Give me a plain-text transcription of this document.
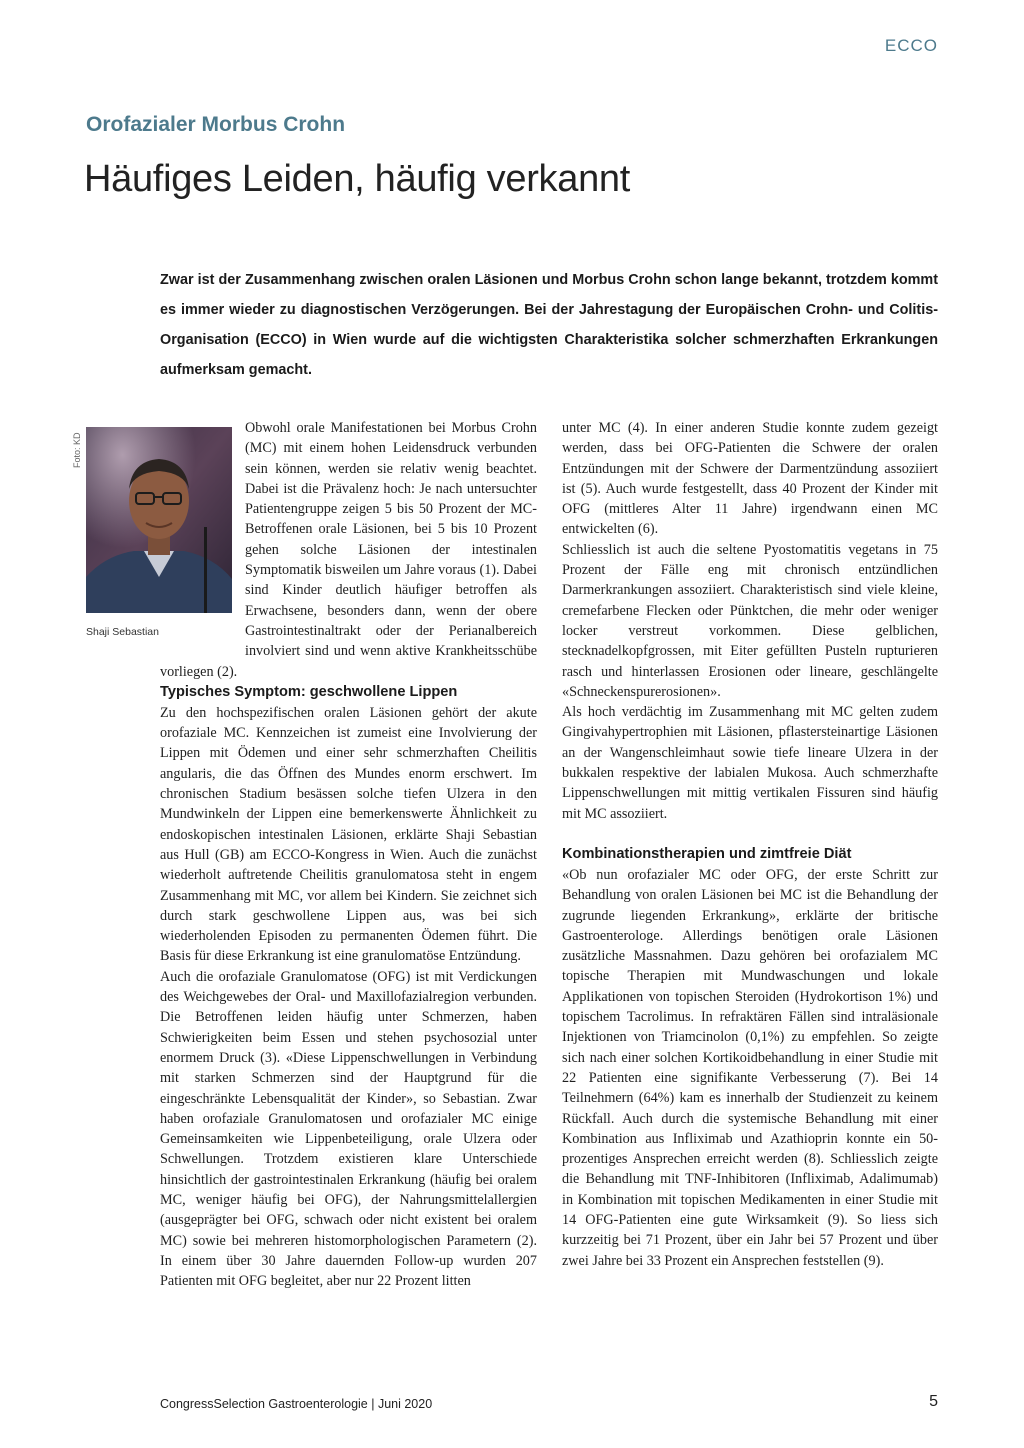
ECCO
Orofazialer Morbus Crohn
Häufiges Leiden, häufig verkannt
Zwar ist der Zusammenhang zwischen oralen Läsionen und Morbus Crohn schon lange bekannt, trotzdem kommt es immer wieder zu diagnostischen Verzögerungen. Bei der Jahrestagung der Europäischen Crohn- und Colitis-Organisation (ECCO) in Wien wurde auf die wichtigsten Charakteristika solcher schmerzhaften Erkrankungen aufmerksam gemacht.
Foto: KD
Shaji Sebastian

Obwohl orale Manifestationen bei Morbus Crohn (MC) mit einem hohen Leidensdruck verbunden sein können, werden sie relativ wenig beachtet. Dabei ist die Prävalenz hoch: Je nach untersuchter Patientengruppe zeigen 5 bis 50 Prozent der MC-Betroffenen orale Läsionen, bei 5 bis 10 Prozent gehen solche Läsionen der intestinalen Symptomatik bisweilen um Jahre voraus (1). Dabei sind Kinder deutlich häufiger betroffen als Erwachsene, besonders dann, wenn der obere Gastrointestinaltrakt oder der Perianalbereich involviert sind und wenn aktive Krankheitsschübe vorliegen (2).

Typisches Symptom: geschwollene Lippen

Zu den hochspezifischen oralen Läsionen gehört der akute orofaziale MC. Kennzeichen ist zumeist eine Involvierung der Lippen mit Ödemen und einer sehr schmerzhaften Cheilitis angularis, die das Öffnen des Mundes enorm erschwert. Im chronischen Stadium besässen solche tiefen Ulzera in den Mundwinkeln der Lippen eine bemerkenswerte Ähnlichkeit zu endoskopischen intestinalen Läsionen, erklärte Shaji Sebastian aus Hull (GB) am ECCO-Kongress in Wien. Auch die zunächst wiederholt auftretende Cheilitis granulomatosa steht in engem Zusammenhang mit MC, vor allem bei Kindern. Sie zeichnet sich durch stark geschwollene Lippen aus, was bei sich wiederholenden Episoden zu permanenten Ödemen führt. Die Basis für diese Erkrankung ist eine granulomatöse Entzündung.

Auch die orofaziale Granulomatose (OFG) ist mit Verdickungen des Weichgewebes der Oral- und Maxillofazialregion verbunden. Die Betroffenen leiden häufig unter Schmerzen, haben Schwierigkeiten beim Essen und stehen psychosozial unter enormem Druck (3). «Diese Lippenschwellungen in Verbindung mit starken Schmerzen sind der Hauptgrund für die eingeschränkte Lebensqualität der Kinder», so Sebastian. Zwar haben orofaziale Granulomatosen und orofazialer MC einige Gemeinsamkeiten wie Lippenbeteiligung, orale Ulzera oder Schwellungen. Trotzdem existieren klare Unterschiede hinsichtlich der gastrointestinalen Erkrankung (häufig bei oralem MC, weniger häufig bei OFG), der Nahrungsmittelallergien (ausgeprägter bei OFG, schwach oder nicht existent bei oralem MC) sowie bei mehreren histomorphologischen Parametern (2). In einem über 30 Jahre dauernden Follow-up wurden 207 Patienten mit OFG begleitet, aber nur 22 Prozent litten

unter MC (4). In einer anderen Studie konnte zudem gezeigt werden, dass bei OFG-Patienten die Schwere der oralen Entzündungen mit der Schwere der Darmentzündung assoziiert ist (5). Auch wurde festgestellt, dass 40 Prozent der Kinder mit OFG (mittleres Alter 11 Jahre) irgendwann einen MC entwickelten (6).

Schliesslich ist auch die seltene Pyostomatitis vegetans in 75 Prozent der Fälle eng mit chronisch entzündlichen Darmerkrankungen assoziiert. Charakteristisch sind viele kleine, cremefarbene Flecken oder Pünktchen, die mehr oder weniger locker verstreut vorkommen. Diese gelblichen, stecknadelkopfgrossen, mit Eiter gefüllten Pusteln rupturieren rasch und hinterlassen Erosionen oder lineare, geschlängelte «Schneckenspurerosionen».

Als hoch verdächtig im Zusammenhang mit MC gelten zudem Gingivahypertrophien mit Läsionen, pflastersteinartige Läsionen an der Wangenschleimhaut sowie tiefe lineare Ulzera in der bukkalen respektive der labialen Mukosa. Auch schmerzhafte Lippenschwellungen mit mittig vertikalen Fissuren sind häufig mit MC assoziiert.

Kombinationstherapien und zimtfreie Diät

«Ob nun orofazialer MC oder OFG, der erste Schritt zur Behandlung von oralen Läsionen bei MC ist die Behandlung der zugrunde liegenden Erkrankung», erklärte der britische Gastroenterologe. Allerdings benötigen orale Läsionen zusätzliche Massnahmen. Dazu gehören bei orofazialem MC topische Therapien mit Mundwaschungen und lokale Applikationen von topischen Steroiden (Hydrokortison 1%) und topischem Tacrolimus. In refraktären Fällen sind intraläsionale Injektionen von Triamcinolon (0,1%) zu empfehlen. So zeigte sich nach einer solchen Kortikoidbehandlung in einer Studie mit 22 Patienten eine signifikante Verbesserung (7). Bei 14 Teilnehmern (64%) kam es innerhalb der Studienzeit zu keinem Rückfall. Auch durch die systemische Behandlung mit einer Kombination aus Infliximab und Azathioprin konnte ein 50-prozentiges Ansprechen erreicht werden (8). Schliesslich zeigte die Behandlung mit TNF-Inhibitoren (Infliximab, Adalimumab) in Kombination mit topischen Medikamenten in einer Studie mit 14 OFG-Patienten eine gute Wirksamkeit (9). So liess sich kurzzeitig bei 71 Prozent, über ein Jahr bei 57 Prozent und über zwei Jahre bei 33 Prozent ein Ansprechen feststellen (9).

CongressSelection Gastroenterologie | Juni 2020	5
